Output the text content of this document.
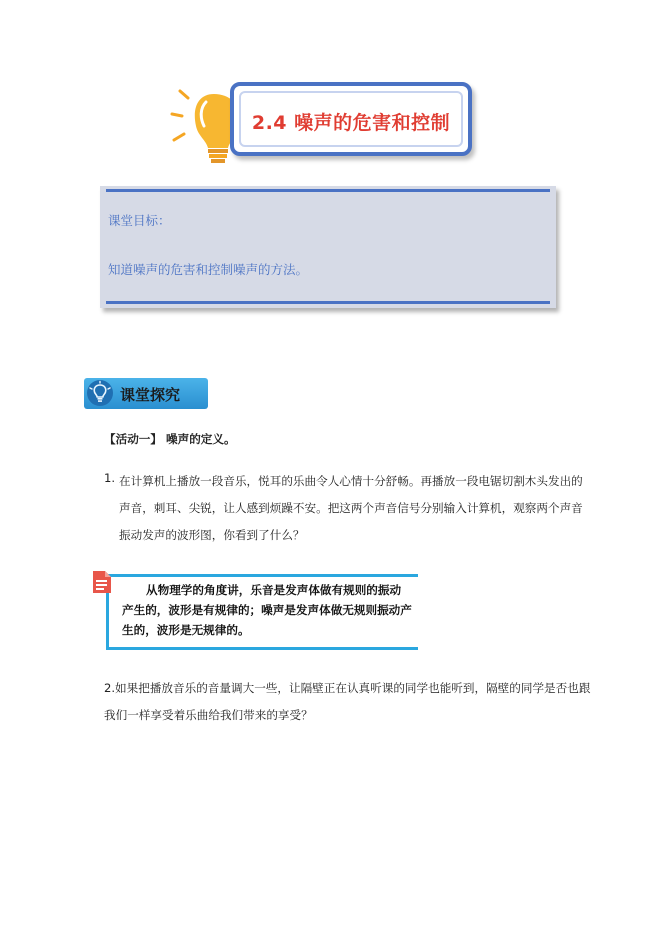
2.4 噪声的危害和控制
课堂目标：
知道噪声的危害和控制噪声的方法。
课堂探究
【活动一】 噪声的定义。
1. 在计算机上播放一段音乐，悦耳的乐曲令人心情十分舒畅。再播放一段电锯切割木头发出的声音，刺耳、尖锐，让人感到烦躁不安。把这两个声音信号分别输入计算机，观察两个声音振动发声的波形图，你看到了什么？
从物理学的角度讲，乐音是发声体做有规则的振动产生的，波形是有规律的；噪声是发声体做无规则振动产生的，波形是无规律的。
2.如果把播放音乐的音量调大一些，让隔壁正在认真听课的同学也能听到，隔壁的同学是否也跟我们一样享受着乐曲给我们带来的享受？
